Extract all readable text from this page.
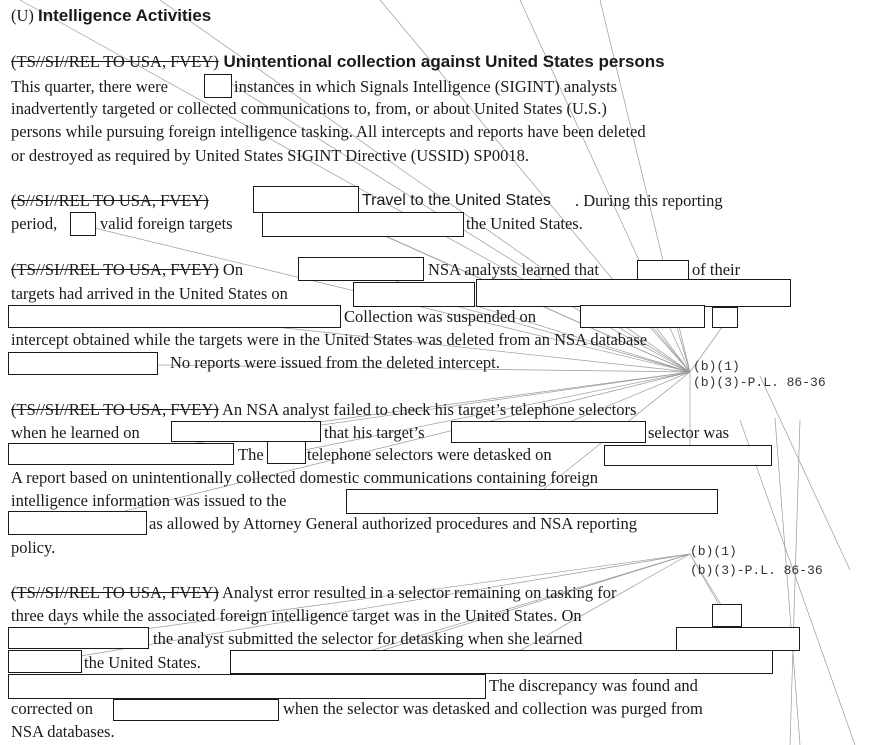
(U) Intelligence Activities
(TS//SI//REL TO USA, FVEY) Unintentional collection against United States persons
This quarter, there were	instances in which Signals Intelligence (SIGINT) analysts
inadvertently targeted or collected communications to, from, or about United States (U.S.)
persons while pursuing foreign intelligence tasking. All intercepts and reports have been deleted
or destroyed as required by United States SIGINT Directive (USSID) SP0018.
(S//SI//REL TO USA, FVEY)	Travel to the United States . During this reporting
period,	valid foreign targets	the United States.
(TS//SI//REL TO USA, FVEY) On	NSA analysts learned that	of their
targets had arrived in the United States on
Collection was suspended on
intercept obtained while the targets were in the United States was deleted from an NSA database
No reports were issued from the deleted intercept.	(b)(1)
(b)(3)-P.L. 86-36
(TS//SI//REL TO USA, FVEY) An NSA analyst failed to check his target’s telephone selectors
when he learned on	that his target’s	selector was
The	telephone selectors were detasked on
A report based on unintentionally collected domestic communications containing foreign
intelligence information was issued to the
as allowed by Attorney General authorized procedures and NSA reporting
policy.	(b)(1)
(b)(3)-P.L. 86-36
(TS//SI//REL TO USA, FVEY) Analyst error resulted in a selector remaining on tasking for
three days while the associated foreign intelligence target was in the United States. On
the analyst submitted the selector for detasking when she learned
the United States.
The discrepancy was found and
corrected on	when the selector was detasked and collection was purged from
NSA databases.
